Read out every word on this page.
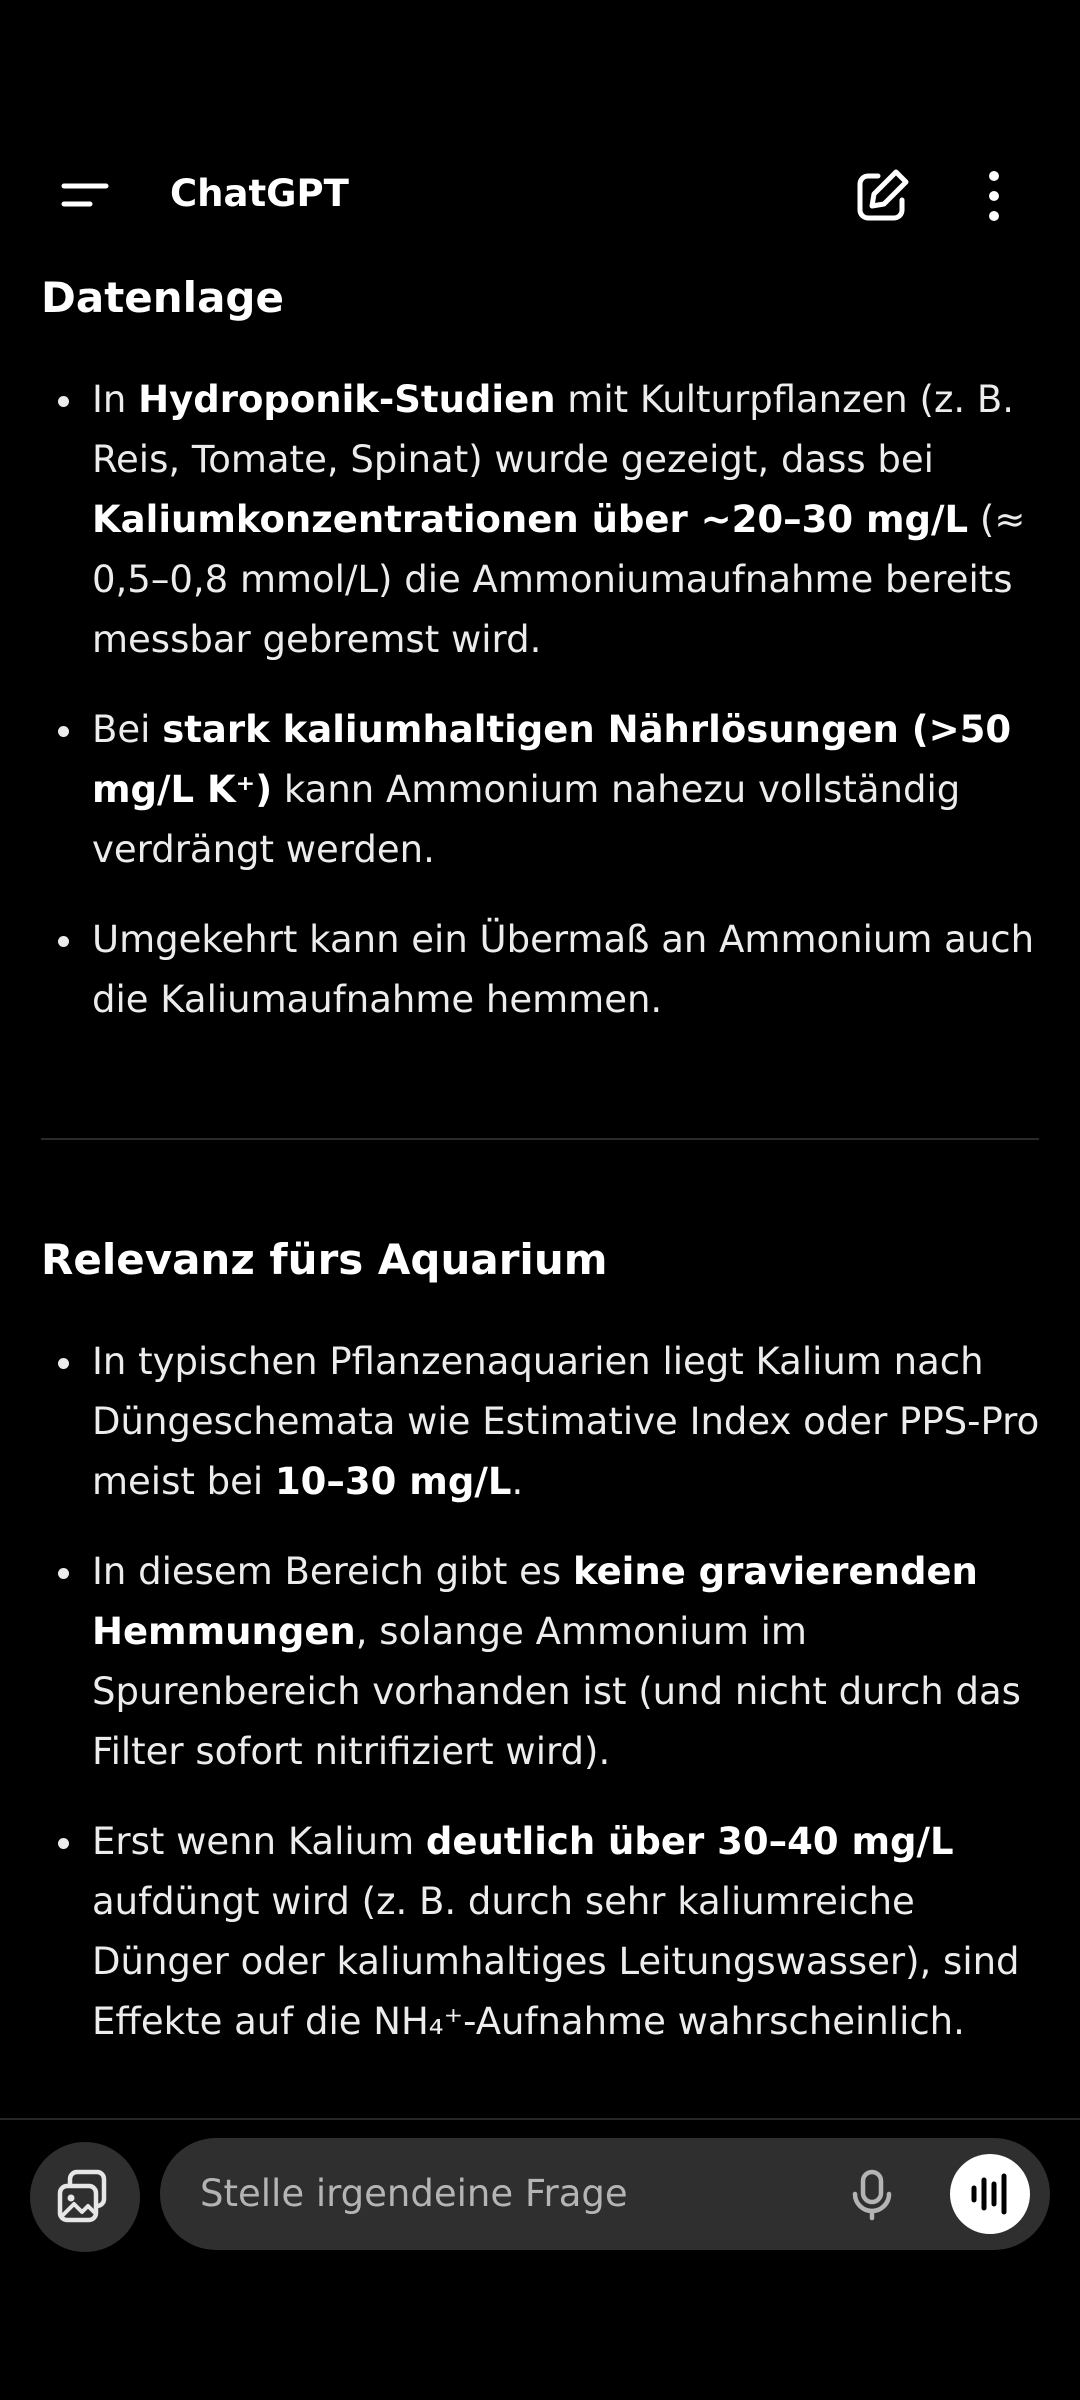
ChatGPT
Datenlage
In Hydroponik-Studien mit Kulturpflanzen (z. B. Reis, Tomate, Spinat) wurde gezeigt, dass bei Kaliumkonzentrationen über ~20–30 mg/L (≈ 0,5–0,8 mmol/L) die Ammoniumaufnahme bereits messbar gebremst wird.
Bei stark kaliumhaltigen Nährlösungen (>50 mg/L K⁺) kann Ammonium nahezu vollständig verdrängt werden.
Umgekehrt kann ein Übermaß an Ammonium auch die Kaliumaufnahme hemmen.
Relevanz fürs Aquarium
In typischen Pflanzenaquarien liegt Kalium nach Düngeschemata wie Estimative Index oder PPS-Pro meist bei 10–30 mg/L.
In diesem Bereich gibt es keine gravierenden Hemmungen, solange Ammonium im Spurenbereich vorhanden ist (und nicht durch das Filter sofort nitrifiziert wird).
Erst wenn Kalium deutlich über 30–40 mg/L aufdüngt wird (z. B. durch sehr kaliumreiche Dünger oder kaliumhaltiges Leitungswasser), sind Effekte auf die NH₄⁺-Aufnahme wahrscheinlich.
Stelle irgendeine Frage
